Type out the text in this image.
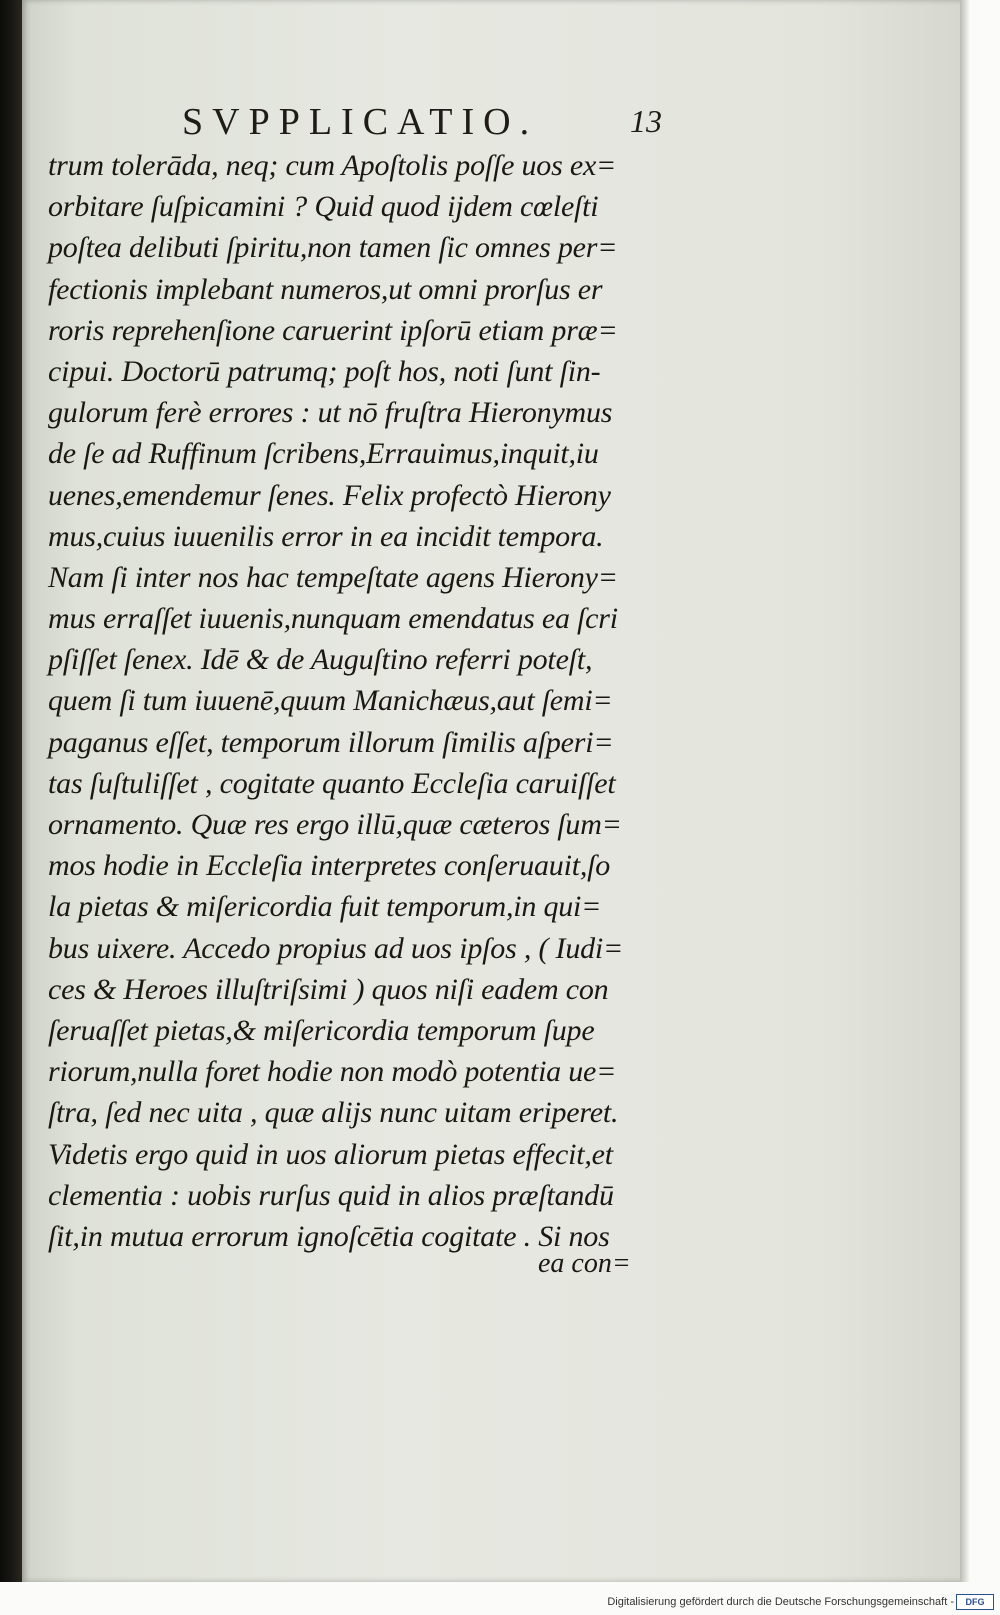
SVPPLICATIO.	13
trum tolerāda, neq; cum Apoſtolis poſſe uos ex=
orbitare ſuſpicamini ? Quid quod ijdem cœleſti
poſtea delibuti ſpiritu,non tamen ſic omnes per=
fectionis implebant numeros,ut omni prorſus er
roris reprehenſione caruerint ipſorū etiam præ=
cipui. Doctorū patrumq; poſt hos, noti ſunt ſin-
gulorum ferè errores : ut nō fruſtra Hieronymus
de ſe ad Ruffinum ſcribens,Errauimus,inquit,iu
uenes,emendemur ſenes. Felix profectò Hierony
mus,cuius iuuenilis error in ea incidit tempora.
Nam ſi inter nos hac tempeſtate agens Hierony=
mus erraſſet iuuenis,nunquam emendatus ea ſcri
pſiſſet ſenex. Idē & de Auguſtino referri poteſt,
quem ſi tum iuuenē,quum Manichæus,aut ſemi=
paganus eſſet, temporum illorum ſimilis aſperi=
tas ſuſtuliſſet , cogitate quanto Eccleſia caruiſſet
ornamento. Quæ res ergo illū,quæ cæteros ſum=
mos hodie in Eccleſia interpretes conſeruauit,ſo
la pietas & miſericordia fuit temporum,in qui=
bus uixere. Accedo propius ad uos ipſos , ( Iudi=
ces & Heroes illuſtriſsimi ) quos niſi eadem con
ſeruaſſet pietas,& miſericordia temporum ſupe
riorum,nulla foret hodie non modò potentia ue=
ſtra, ſed nec uita , quæ alijs nunc uitam eriperet.
Videtis ergo quid in uos aliorum pietas effecit,et
clementia : uobis rurſus quid in alios præſtandū
ſit,in mutua errorum ignoſcētia cogitate . Si nos
ea con=
Digitalisierung gefördert durch die Deutsche Forschungsgemeinschaft -	DFG
